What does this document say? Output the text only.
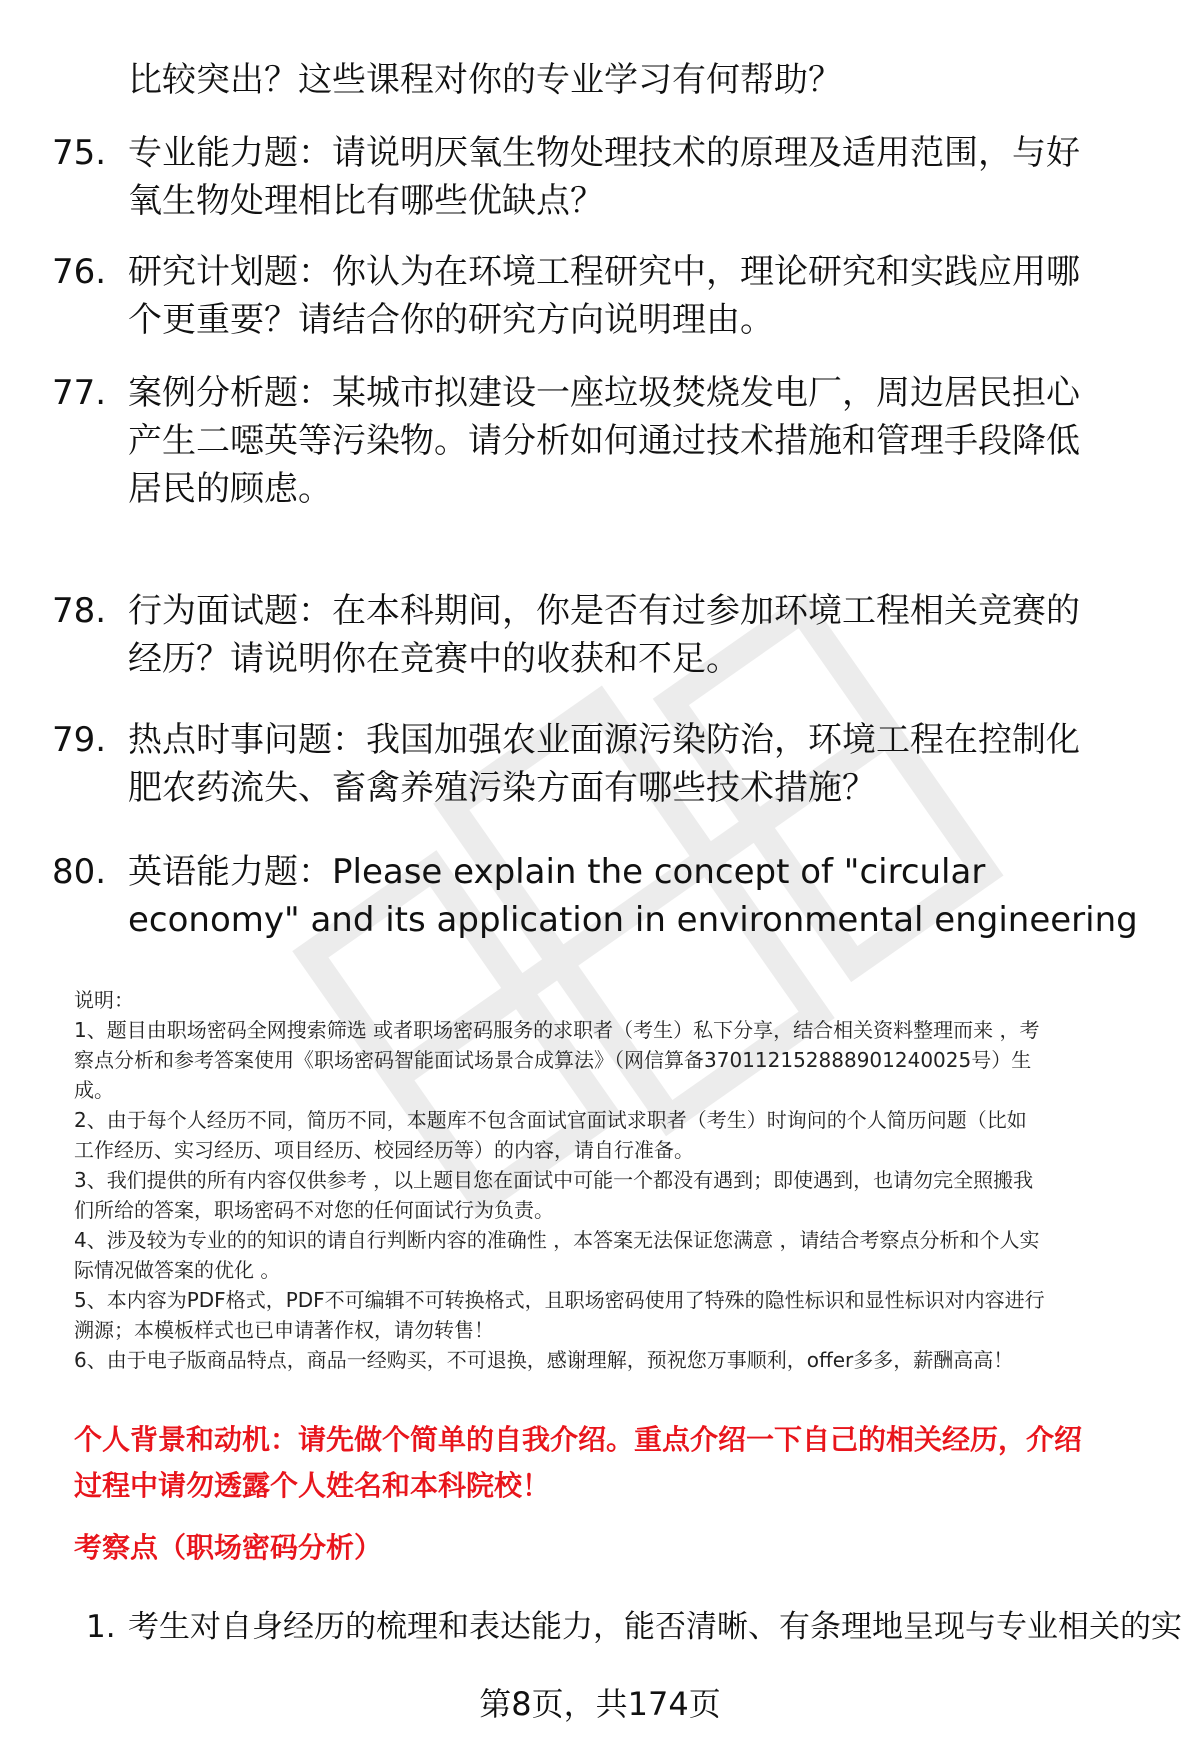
比较突出？这些课程对你的专业学习有何帮助？
75. 专业能力题：请说明厌氧生物处理技术的原理及适用范围，与好
氧生物处理相比有哪些优缺点？
76. 研究计划题：你认为在环境工程研究中，理论研究和实践应用哪
个更重要？请结合你的研究方向说明理由。
77. 案例分析题：某城市拟建设一座垃圾焚烧发电厂，周边居民担心
产生二噁英等污染物。请分析如何通过技术措施和管理手段降低
居民的顾虑。
78. 行为面试题：在本科期间，你是否有过参加环境工程相关竞赛的
经历？请说明你在竞赛中的收获和不足。
79. 热点时事问题：我国加强农业面源污染防治，环境工程在控制化
肥农药流失、畜禽养殖污染方面有哪些技术措施？
80. 英语能力题：Please explain the concept of "circular
economy" and its application in environmental engineering
说明：
1、题目由职场密码全网搜索筛选 或者职场密码服务的求职者（考生）私下分享，结合相关资料整理而来 ，考
察点分析和参考答案使用《职场密码智能面试场景合成算法》（网信算备370112152888901240025号）生
成。
2、由于每个人经历不同，简历不同，本题库不包含面试官面试求职者（考生）时询问的个人简历问题（比如
工作经历、实习经历、项目经历、校园经历等）的内容，请自行准备。
3、我们提供的所有内容仅供参考 ，以上题目您在面试中可能一个都没有遇到；即使遇到，也请勿完全照搬我
们所给的答案，职场密码不对您的任何面试行为负责。
4、涉及较为专业的的知识的请自行判断内容的准确性 ，本答案无法保证您满意 ，请结合考察点分析和个人实
际情况做答案的优化 。
5、本内容为PDF格式，PDF不可编辑不可转换格式，且职场密码使用了特殊的隐性标识和显性标识对内容进行
溯源；本模板样式也已申请著作权，请勿转售！
6、由于电子版商品特点，商品一经购买，不可退换，感谢理解，预祝您万事顺利，offer多多，薪酬高高！
个人背景和动机：请先做个简单的自我介绍。重点介绍一下自己的相关经历，介绍
过程中请勿透露个人姓名和本科院校！
考察点（职场密码分析）
1. 考生对自身经历的梳理和表达能力，能否清晰、有条理地呈现与专业相关的实
第8页，共174页
